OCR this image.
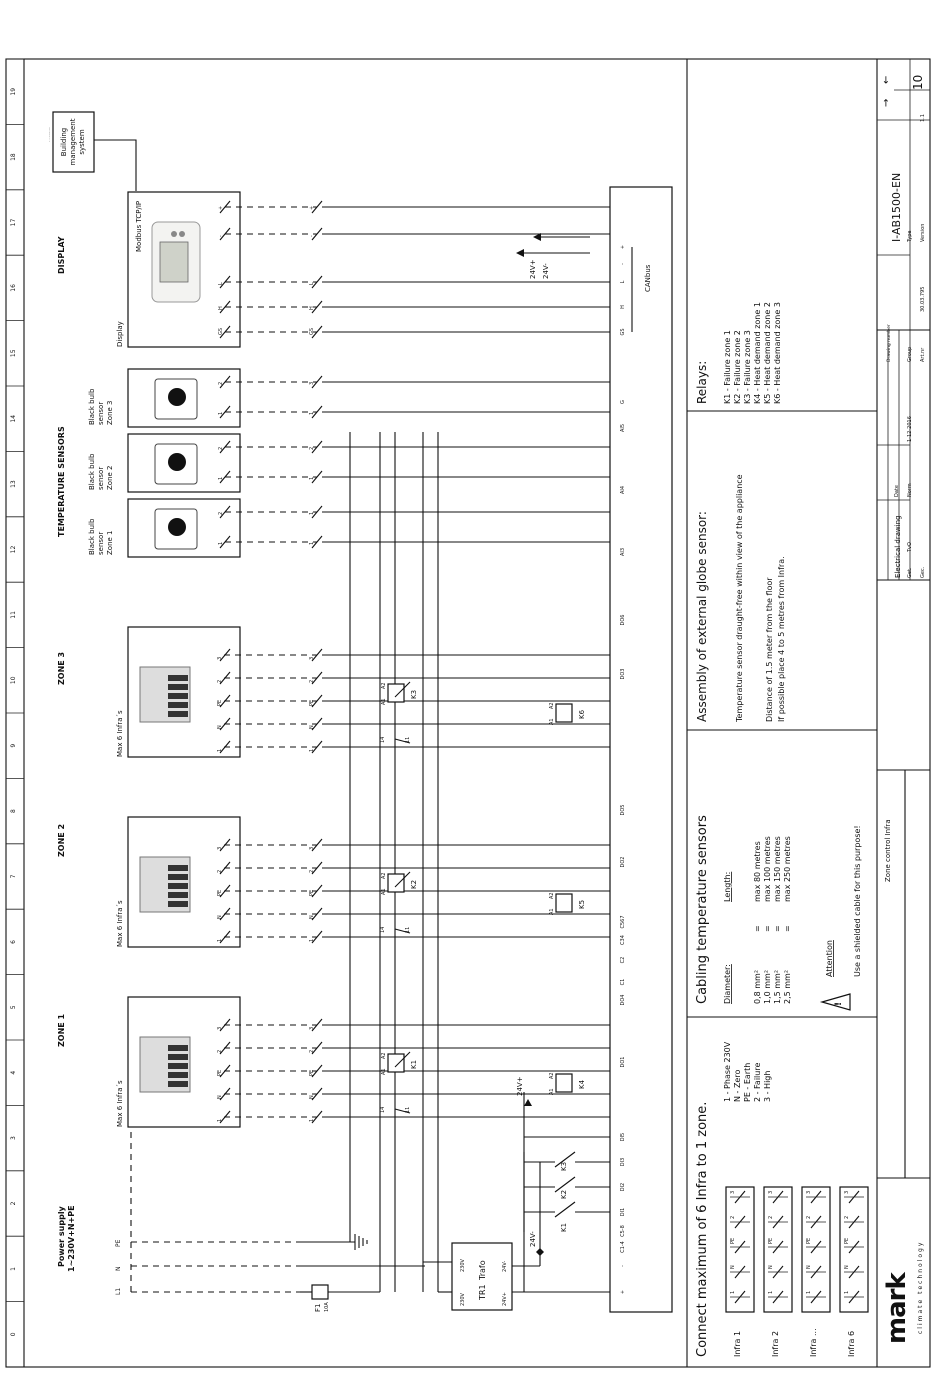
0
1
2
3
4
5
6
7
8
9
10
11
12
13
14
15
16
17
18
19
Power supply 1~230V+N+PE
ZONE 1
ZONE 2
ZONE 3
TEMPERATURE SENSORS
DISPLAY
Building management system
Building management system
L1
N
PE
F1 10A
230V
230V
TR1
Trafo
24V+
24V-
24V-
24V+
K1
K2
K3
+
-
C1-4
C5-8
DI1
DI2
DI3
DI5
DO1
DO4
C1
C2
C34
C567
DO2
DO5
DO3
DO6
AI3
AI4
AI5
G
GS
H
L
-
+
CANbus
Max 6 Infra´s	1	1
N	N
PE	PE
2	2
3	3
K1
A1
A2
K4
A1
A2
14	11
Max 6 Infra´s	1	1
N	N
PE	PE
2	2
3	3
K2
A1
A2
K5
A1
A2
14	11
Max 6 Infra´s	1	1
N	N
PE	PE
2	2
3	3
K3
A1
A2
K6
A1
A2
14	11
Black bulb sensor Zone 1	1	1
2	1
Black bulb sensor Zone 2	1	1
2	2
Black bulb sensor Zone 3	1	1
2	3
Display
Modbus TCP/IP
GS	GS
H	H
L	L
-	-
+	+
24V+ 24V-
Connect maximum of 6 Infra to 1 zone.
1 - Phase 230V N - Zero PE - Earth 2 - Failure 3 - High
Infra 1
1
N
PE
2
3
Infra 2
1
N
PE
2
3
Infra ...
1
N
PE
2
3
Infra 6
1
N
PE
2
3
Cabling temperature sensors Diameter:
Length:
0,8 mm²
=
max 80 metres
1,0 mm²
=
max 100 metres
1,5 mm²
=
max 150 metres
2,5 mm²
=
max 250 metres
!
Attention Use a shielded cable for this purpose!
Assembly of external globe sensor:	Temperature sensor draught-free within view of the appliance	Distance of 1.5 meter from the floor If possible place 4 to 5 metres from Infra.
Relays: K1 - Failure zone 1 K2 - Failure zone 2 K3 - Failure zone 3 K4 - Heat demand zone 1 K5 - Heat demand zone 2 K6 - Heat demand zone 3
mark climate technology
Zone control Infra
Electrical drawing Get. Gec.
TvO
Norm
Date
1-12-2016
Drawing number	Group Art.nr
30.03.795
I-AB1500-EN Type Version
1.1
10
→
←
